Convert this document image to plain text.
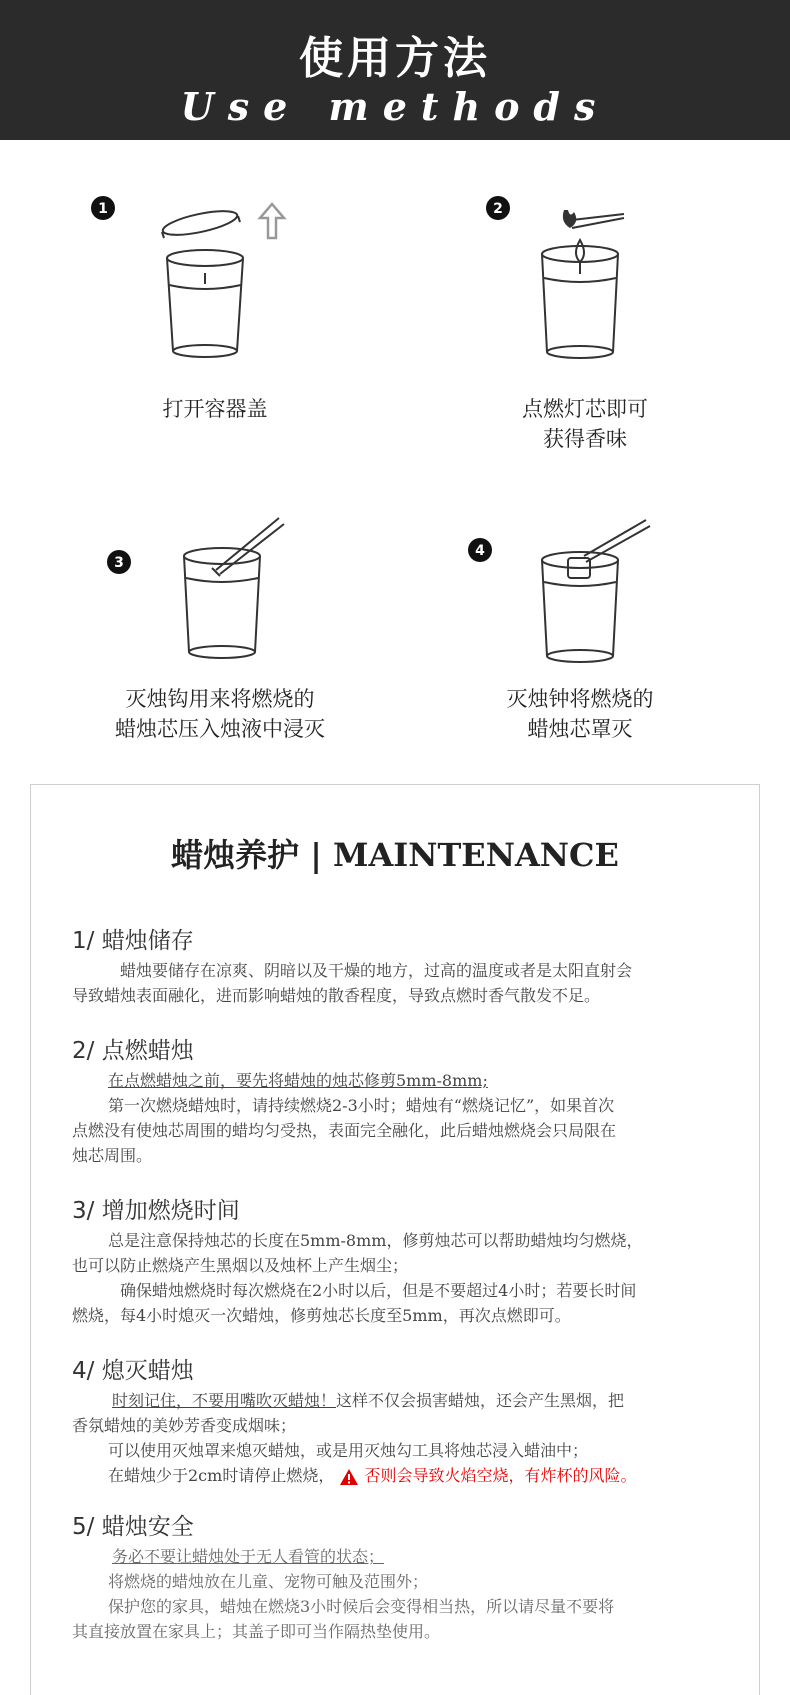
使用方法
Use methods
1
打开容器盖
2
点燃灯芯即可
获得香味
3
灭烛钩用来将燃烧的
蜡烛芯压入烛液中浸灭
4
灭烛钟将燃烧的
蜡烛芯罩灭
蜡烛养护 | MAINTENANCE
1/ 蜡烛储存
蜡烛要储存在凉爽、阴暗以及干燥的地方，过高的温度或者是太阳直射会
导致蜡烛表面融化，进而影响蜡烛的散香程度，导致点燃时香气散发不足。
2/ 点燃蜡烛
在点燃蜡烛之前，要先将蜡烛的烛芯修剪5mm-8mm;
第一次燃烧蜡烛时，请持续燃烧2-3小时；蜡烛有“燃烧记忆”，如果首次
点燃没有使烛芯周围的蜡均匀受热，表面完全融化，此后蜡烛燃烧会只局限在
烛芯周围。
3/ 增加燃烧时间
总是注意保持烛芯的长度在5mm-8mm，修剪烛芯可以帮助蜡烛均匀燃烧，
也可以防止燃烧产生黑烟以及烛杯上产生烟尘；
确保蜡烛燃烧时每次燃烧在2小时以后，但是不要超过4小时；若要长时间
燃烧，每4小时熄灭一次蜡烛，修剪烛芯长度至5mm，再次点燃即可。
4/ 熄灭蜡烛
时刻记住，不要用嘴吹灭蜡烛！这样不仅会损害蜡烛，还会产生黑烟，把
香氛蜡烛的美妙芳香变成烟味；
可以使用灭烛罩来熄灭蜡烛，或是用灭烛勾工具将烛芯浸入蜡油中；
在蜡烛少于2cm时请停止燃烧， 否则会导致火焰空烧，有炸杯的风险。
5/ 蜡烛安全
务必不要让蜡烛处于无人看管的状态；
将燃烧的蜡烛放在儿童、宠物可触及范围外；
保护您的家具，蜡烛在燃烧3小时候后会变得相当热，所以请尽量不要将
其直接放置在家具上；其盖子即可当作隔热垫使用。
